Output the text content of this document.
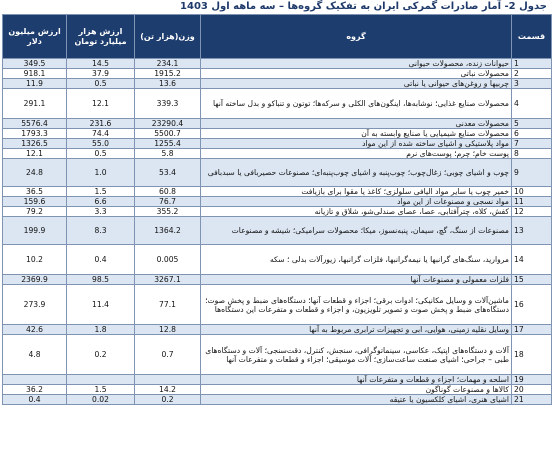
جدول 2- آمار صادرات گمرکی ایران به تفکیک گروه‌ها – سه ماهه اول 1403
ارزش میلیون دلار	ارزش هزار میلیارد تومان	وزن(هزار تن)	گروه	قسمت
349.5	14.5	234.1	حیوانات زنده، محصولات حیوانی	1
918.1	37.9	1915.2	محصولات نباتی	2
11.9	0.5	13.6	چربیها و روغن‌های حیوانی یا نباتی	3
291.1	12.1	339.3	محصولات صنایع غذایی؛ نوشابه‌ها، اینگون‌های الکلی و سرکه‌ها؛ توتون و تنباکو و بدل ساخته آنها	4
5576.4	231.6	23290.4	محصولات معدنی	5
1793.3	74.4	5500.7	محصولات صنایع شیمیایی یا صنایع وابسته به آن	6
1326.5	55.0	1255.4	مواد پلاستیکی و اشیای ساخته شده از این مواد	7
12.1	0.5	5.8	پوست خام؛ چرم؛ پوست‌های نرم	8
24.8	1.0	53.4	چوب و اشیای چوبی؛ زغال‌چوب؛ چوب‌پنبه و اشیای چوب‌پنبه‌ای؛ مصنوعات حصیربافی یا سبدبافی	9
36.5	1.5	60.8	خمیر چوب یا سایر مواد الیافی سلولزی؛ کاغذ یا مقوا برای بازیافت	10
159.6	6.6	76.7	مواد نسجی و مصنوعات از این مواد	11
79.2	3.3	355.2	کفش، کلاه، چترآفتابی، عصا، عصای صندلی‌شو، شلاق و تازیانه	12
199.9	8.3	1364.2	مصنوعات از سنگ، گچ، سیمان، پنبه‌نسوز، میکا؛ محصولات سرامیکی؛ شیشه و مصنوعات	13
10.2	0.4	0.005	مروارید، سنگ‌های گرانبها یا نیمه‌گرانبها، فلزات گرانبها، زیورآلات بدلی ؛ سکه	14
2369.9	98.5	3267.1	فلزات معمولی و مصنوعات آنها	15
273.9	11.4	77.1	ماشین‌آلات و وسایل مکانیکی؛ ادوات برقی؛ اجزاء و قطعات آنها؛ دستگاه‌های ضبط و پخش صوت؛ دستگاه‌های ضبط و پخش صوت و تصویر تلویزیون، و اجزاء و قطعات و متفرعات این دستگاه‌ها	16
42.6	1.8	12.8	وسایل نقلیه زمینی، هوایی، ابی و تجهیزات ترابری مربوط به آنها	17
4.8	0.2	0.7	آلات و دستگاه‌های اپتیک، عکاسی، سینماتوگرافی، سنجش، کنترل، دقت‌سنجی؛ آلات و دستگاه‌های طبی – جراحی؛ اشیای صنعت ساعت‌سازی؛ آلات موسیقی؛ اجزاء و قطعات و متفرعات آنها	18
			اسلحه و مهمات؛ اجزاء و قطعات و متفرعات آنها	19
36.2	1.5	14.2	کالاها و مصنوعات گوناگون	20
0.4	0.02	0.2	اشیای هنری، اشیای کلکسیون یا عتیقه	21
